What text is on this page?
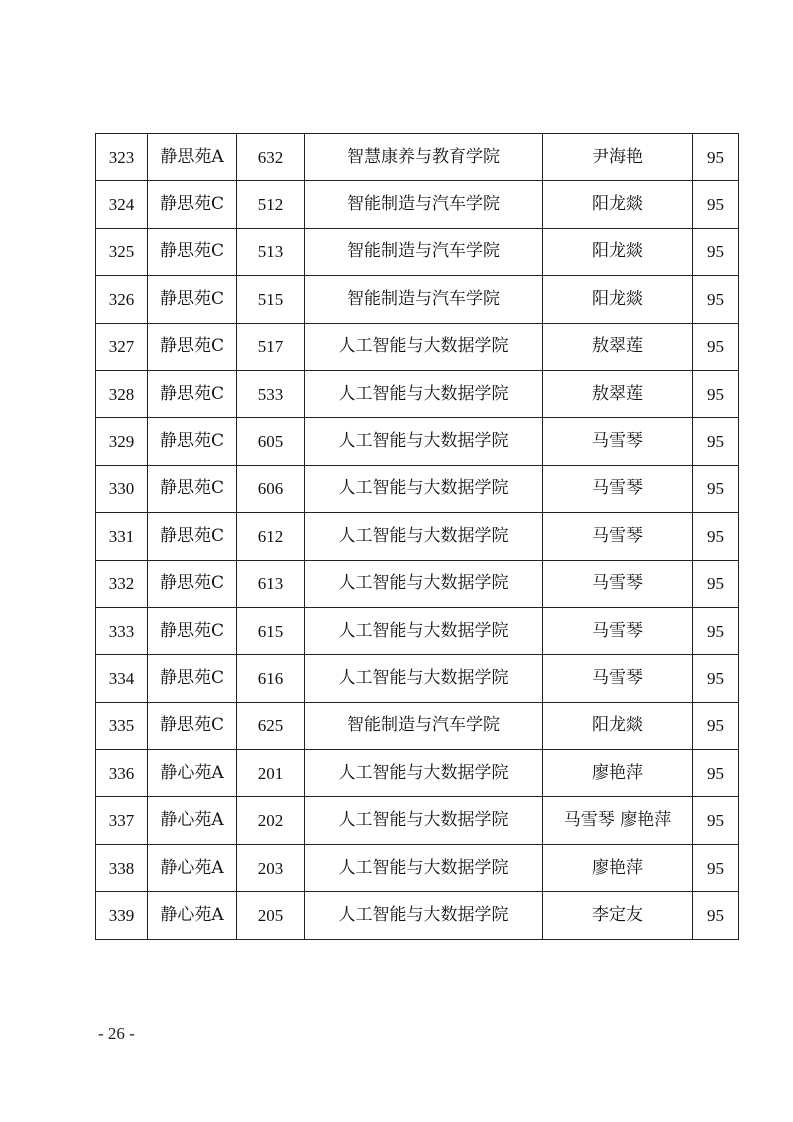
323	静思苑A	632	智慧康养与教育学院	尹海艳	95
324	静思苑C	512	智能制造与汽车学院	阳龙燚	95
325	静思苑C	513	智能制造与汽车学院	阳龙燚	95
326	静思苑C	515	智能制造与汽车学院	阳龙燚	95
327	静思苑C	517	人工智能与大数据学院	敖翠莲	95
328	静思苑C	533	人工智能与大数据学院	敖翠莲	95
329	静思苑C	605	人工智能与大数据学院	马雪琴	95
330	静思苑C	606	人工智能与大数据学院	马雪琴	95
331	静思苑C	612	人工智能与大数据学院	马雪琴	95
332	静思苑C	613	人工智能与大数据学院	马雪琴	95
333	静思苑C	615	人工智能与大数据学院	马雪琴	95
334	静思苑C	616	人工智能与大数据学院	马雪琴	95
335	静思苑C	625	智能制造与汽车学院	阳龙燚	95
336	静心苑A	201	人工智能与大数据学院	廖艳萍	95
337	静心苑A	202	人工智能与大数据学院	马雪琴 廖艳萍	95
338	静心苑A	203	人工智能与大数据学院	廖艳萍	95
339	静心苑A	205	人工智能与大数据学院	李定友	95
- 26 -
